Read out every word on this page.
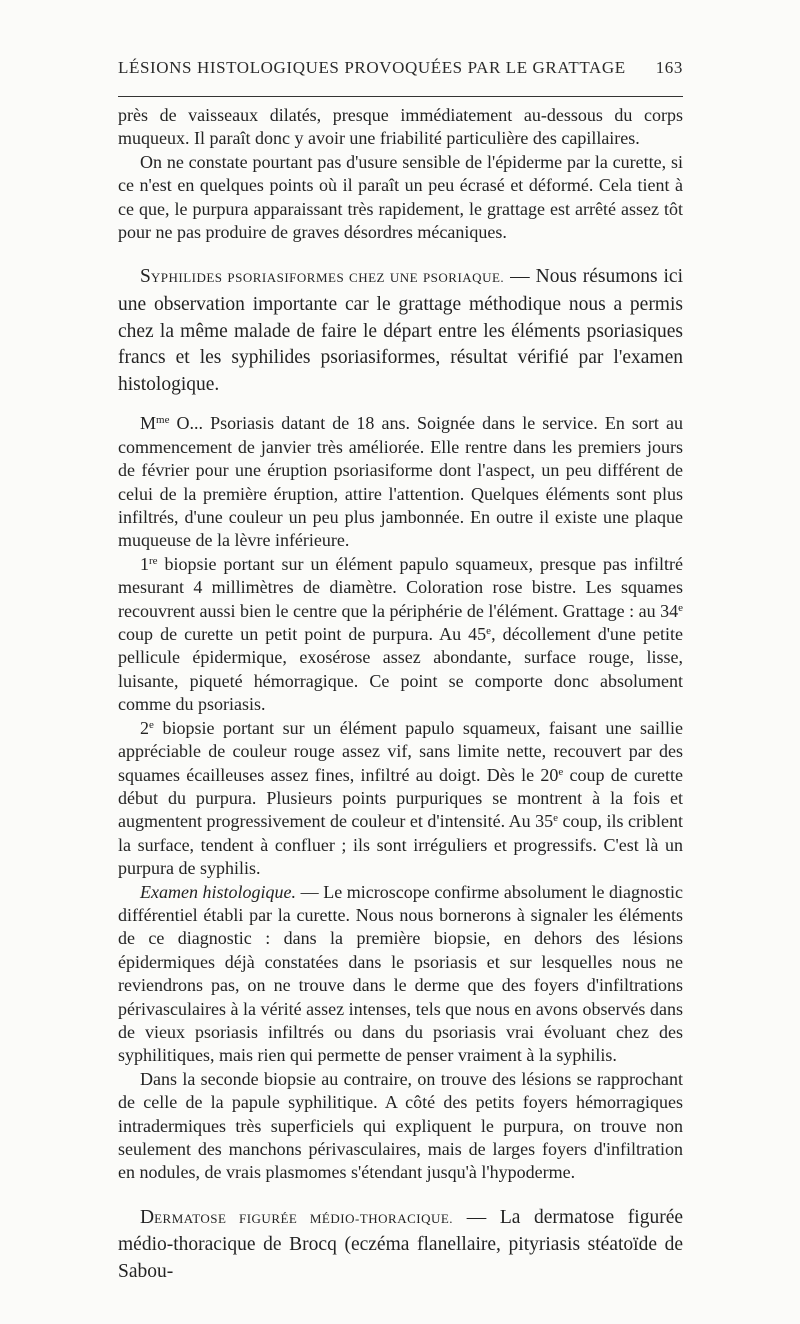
LÉSIONS HISTOLOGIQUES PROVOQUÉES PAR LE GRATTAGE 163

près de vaisseaux dilatés, presque immédiatement au-dessous du corps muqueux. Il paraît donc y avoir une friabilité particulière des capillaires.

On ne constate pourtant pas d'usure sensible de l'épiderme par la curette, si ce n'est en quelques points où il paraît un peu écrasé et déformé. Cela tient à ce que, le purpura apparaissant très rapidement, le grattage est arrêté assez tôt pour ne pas produire de graves désordres mécaniques.

SYPHILIDES PSORIASIFORMES CHEZ UNE PSORIAQUE. — Nous résumons ici une observation importante car le grattage méthodique nous a permis chez la même malade de faire le départ entre les éléments psoriasiques francs et les syphilides psoriasiformes, résultat vérifié par l'examen histologique.

$M^{me}$ O... Psoriasis datant de 18 ans. Soignée dans le service. En sort au commencement de janvier très améliorée. Elle rentre dans les premiers jours de février pour une éruption psoriasiforme dont l'aspect, un peu différent de celui de la première éruption, attire l'attention. Quelques éléments sont plus infiltrés, d'une couleur un peu plus jambonnée. En outre il existe une plaque muqueuse de la lèvre inférieure.

1re biopsie portant sur un élément papulo squameux, presque pas infiltré mesurant 4 millimètres de diamètre. Coloration rose bistre. Les squames recouvrent aussi bien le centre que la périphérie de l'élément. Grattage : au 34e coup de curette un petit point de purpura. Au 45e, décollement d'une petite pellicule épidermique, exosérose assez abondante, surface rouge, lisse, luisante, piqueté hémorragique. Ce point se comporte donc absolument comme du psoriasis.

2e biopsie portant sur un élément papulo squameux, faisant une saillie appréciable de couleur rouge assez vif, sans limite nette, recouvert par des squames écailleuses assez fines, infiltré au doigt. Dès le 20e coup de curette début du purpura. Plusieurs points purpuriques se montrent à la fois et augmentent progressivement de couleur et d'intensité. Au 35e coup, ils criblent la surface, tendent à confluer ; ils sont irréguliers et progressifs. C'est là un purpura de syphilis.

Examen histologique. — Le microscope confirme absolument le diagnostic différentiel établi par la curette. Nous nous bornerons à signaler les éléments de ce diagnostic : dans la première biopsie, en dehors des lésions épidermiques déjà constatées dans le psoriasis et sur lesquelles nous ne reviendrons pas, on ne trouve dans le derme que des foyers d'infiltrations périvasculaires à la vérité assez intenses, tels que nous en avons observés dans de vieux psoriasis infiltrés ou dans du psoriasis vrai évoluant chez des syphilitiques, mais rien qui permette de penser vraiment à la syphilis.

Dans la seconde biopsie au contraire, on trouve des lésions se rapprochant de celle de la papule syphilitique. A côté des petits foyers hémorragiques intradermiques très superficiels qui expliquent le purpura, on trouve non seulement des manchons périvasculaires, mais de larges foyers d'infiltration en nodules, de vrais plasmomes s'étendant jusqu'à l'hypoderme.

DERMATOSE FIGURÉE MÉDIO-THORACIQUE. — La dermatose figurée médio-thoracique de Brocq (eczéma flanellaire, pityriasis stéatoïde de Sabou-
